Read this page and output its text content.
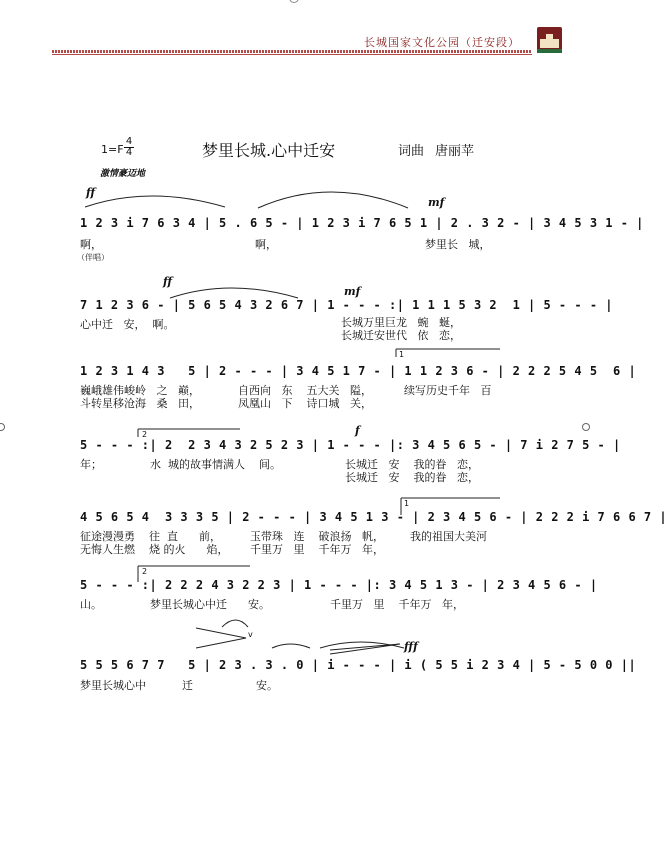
长城国家文化公园（迁安段）
1=F
4
4	梦里长城.心中迁安	词曲 唐丽苹
激情豪迈地
ff
mf
ff
mf
f
fff
v
1
2
1
2
1 2 3 i 7 6 3 4 | 5 . 6 5 - | 1 2 3 i 7 6 5 1 | 2 . 3 2 - | 3 4 5 3 1 - |
啊，	啊，	梦里长   城，
（伴唱）
7 1 2 3 6 - | 5 6 5 4 3 2 6 7 | 1 - - - :| 1 1 1 5 3 2  1 | 5 - - - |
心中迁   安，  啊。	长城万里巨龙   蜿   蜒，
长城迁安世代   依   恋，
1 2 3 1 4 3   5 | 2 - - - | 3 4 5 1 7 - | 1 1 2 3 6 - | 2 2 2 5 4 5  6 |
巍峨雄伟峻岭   之   巅，
斗转星移沧海   桑   田，
自西向   东    五大关   隘，
凤凰山   下    诗口城   关，
续写历史千年   百
5 - - - :| 2  2 3 4 3 2 5 2 3 | 1 - - - |: 3 4 5 6 5 - | 7 i 2 7 5 - |
年；	水  城的故事情满人    间。	长城迁   安    我的眷   恋，
长城迁   安    我的眷   恋，
4 5 6 5 4  3 3 3 5 | 2 - - - | 3 4 5 1 3 - | 2 3 4 5 6 - | 2 2 2 i 7 6 6 7 |
征途漫漫勇    往  直      前，
无悔人生燃    烧 的火      焰，
玉带珠   连    破浪扬   帆，
千里万   里    千年万   年，
我的祖国大美河
5 - - - :| 2 2 2 4 3 2 2 3 | 1 - - - |: 3 4 5 1 3 - | 2 3 4 5 6 - |
山。	梦里长城心中迁      安。	千里万   里    千年万   年，
5 5 5 6 7 7   5 | 2 3 . 3 . 0 | i - - - | i ( 5 5 i 2 3 4 | 5 - 5 0 0 ||
梦里长城心中	迁	安。
